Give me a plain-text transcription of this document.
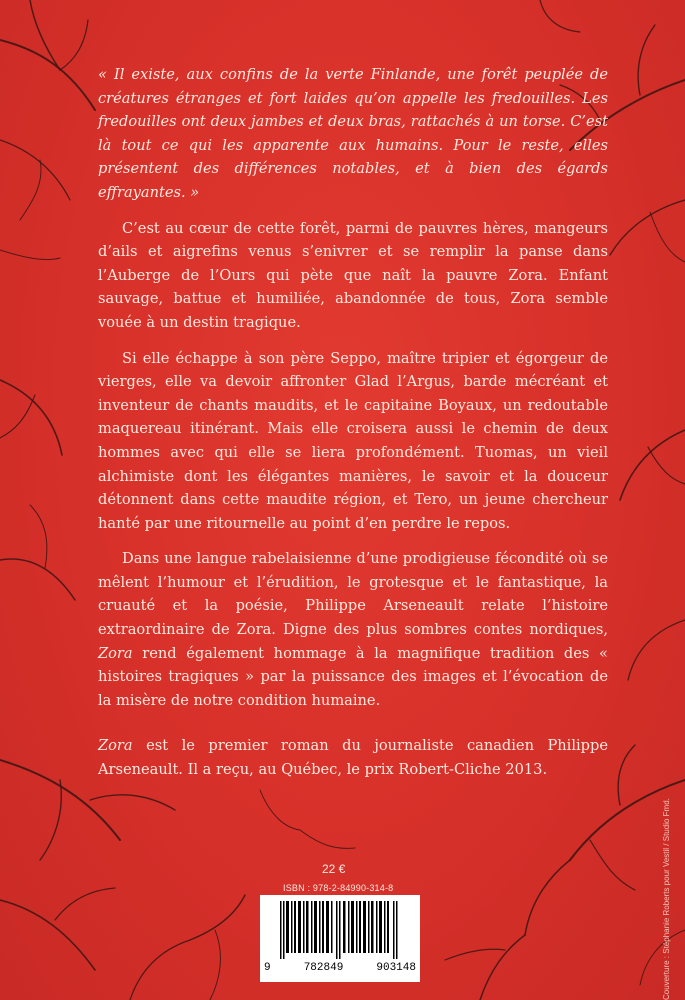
« Il existe, aux confins de la verte Finlande, une forêt peuplée de créatures étranges et fort laides qu’on appelle les fredouilles. Les fredouilles ont deux jambes et deux bras, rattachés à un torse. C’est là tout ce qui les apparente aux humains. Pour le reste, elles présentent des différences notables, et à bien des égards effrayantes. »

C’est au cœur de cette forêt, parmi de pauvres hères, mangeurs d’ails et aigrefins venus s’enivrer et se remplir la panse dans l’Auberge de l’Ours qui pète que naît la pauvre Zora. Enfant sauvage, battue et humiliée, abandonnée de tous, Zora semble vouée à un destin tragique.

Si elle échappe à son père Seppo, maître tripier et égorgeur de vierges, elle va devoir affronter Glad l’Argus, barde mécréant et inventeur de chants maudits, et le capitaine Boyaux, un redoutable maquereau itinérant. Mais elle croisera aussi le chemin de deux hommes avec qui elle se liera profondément. Tuomas, un vieil alchimiste dont les élégantes manières, le savoir et la douceur détonnent dans cette maudite région, et Tero, un jeune chercheur hanté par une ritournelle au point d’en perdre le repos.

Dans une langue rabelaisienne d’une prodigieuse fécondité où se mêlent l’humour et l’érudition, le grotesque et le fantastique, la cruauté et la poésie, Philippe Arseneault relate l’histoire extraordinaire de Zora. Digne des plus sombres contes nordiques, Zora rend également hommage à la magnifique tradition des « histoires tragiques » par la puissance des images et l’évocation de la misère de notre condition humaine.

Zora est le premier roman du journaliste canadien Philippe Arseneault. Il a reçu, au Québec, le prix Robert-Cliche 2013.

22 €
ISBN : 978-2-84990-314-8
9	782849	903148	Couverture : Stéphanie Roberts pour Vestil / Studio Fmd.
